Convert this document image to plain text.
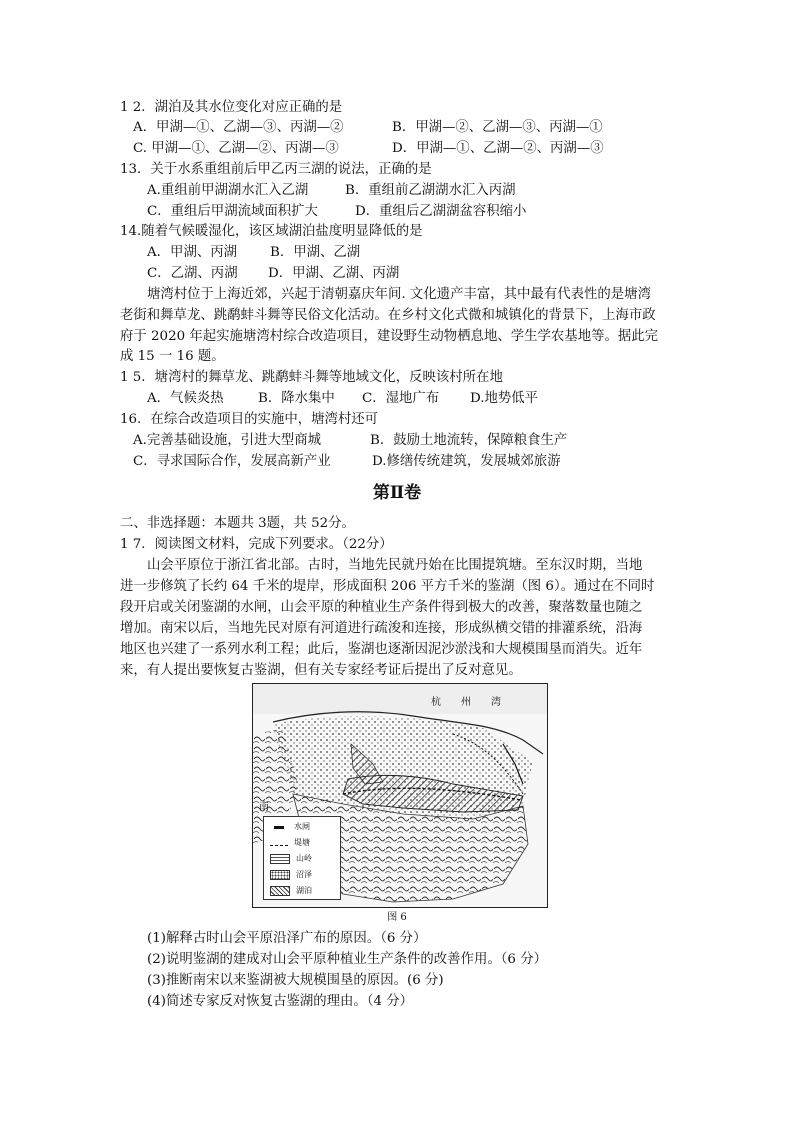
1 2．湖泊及其水位变化对应正确的是
A．甲湖—①、乙湖—③、丙湖—②	B．甲湖—②、乙湖—③、丙湖—①
C. 甲湖—①、乙湖—②、丙湖—③	D．甲湖—①、乙湖—②、丙湖—③
13．关于水系重组前后甲乙丙三湖的说法，正确的是
A.重组前甲湖湖水汇入乙湖	B．重组前乙湖湖水汇入丙湖
C．重组后甲湖流域面积扩大	D．重组后乙湖湖盆容积缩小
14.随着气候暖湿化，该区域湖泊盐度明显降低的是
A．甲湖、丙湖 B．甲湖、乙湖
C．乙湖、丙湖 D．甲湖、乙湖、丙湖
塘湾村位于上海近郊，兴起于清朝嘉庆年间. 文化遗产丰富，其中最有代表性的是塘湾
老街和舞草龙、跳鹬蚌斗舞等民俗文化活动。在乡村文化式微和城镇化的背景下，上海市政
府于 2020 年起实施塘湾村综合改造项目，建设野生动物栖息地、学生学农基地等。据此完
成 15 一 16 题。
1 5．塘湾村的舞草龙、跳鹬蚌斗舞等地域文化，反映该村所在地
A．气候炎热	B．降水集中 C．湿地广布 D.地势低平
16．在综合改造项目的实施中，塘湾村还可
A.完善基础设施，引进大型商城	B．鼓励土地流转，保障粮食生产
C．寻求国际合作，发展高新产业	D.修缮传统建筑，发展城郊旅游
第Ⅱ卷
二、非选择题：本题共 3题，共 52分。
1 7．阅读图文材料，完成下列要求。（22分）
山会平原位于浙江省北部。古时，当地先民就丹始在比围提筑塘。至东汉时期，当地
进一步修筑了长约 64 千米的堤岸，形成面积 206 平方千米的鉴湖（图 6）。通过在不同时
段开启或关闭鉴湖的水闸，山会平原的种植业生产条件得到极大的改善，聚落数量也随之
增加。南宋以后，当地先民对原有河道进行疏浚和连接，形成纵横交错的排灌系统，沿海
地区也兴建了一系列水利工程；此后，鉴湖也逐渐因泥沙淤浅和大规模围垦而消失。近年
来，有人提出要恢复古鉴湖，但有关专家经考证后提出了反对意见。
杭　　州　　湾
南
水闸
堤塘
山岭
沼泽
湖泊
图 6
(1)解释古时山会平原沿泽广布的原因。（6 分）
(2)说明鉴湖的建成对山会平原种植业生产条件的改善作用。（6 分）
(3)推断南宋以来鉴湖被大规模围垦的原因。(6 分)
(4)简述专家反对恢复古鉴湖的理由。（4 分）
